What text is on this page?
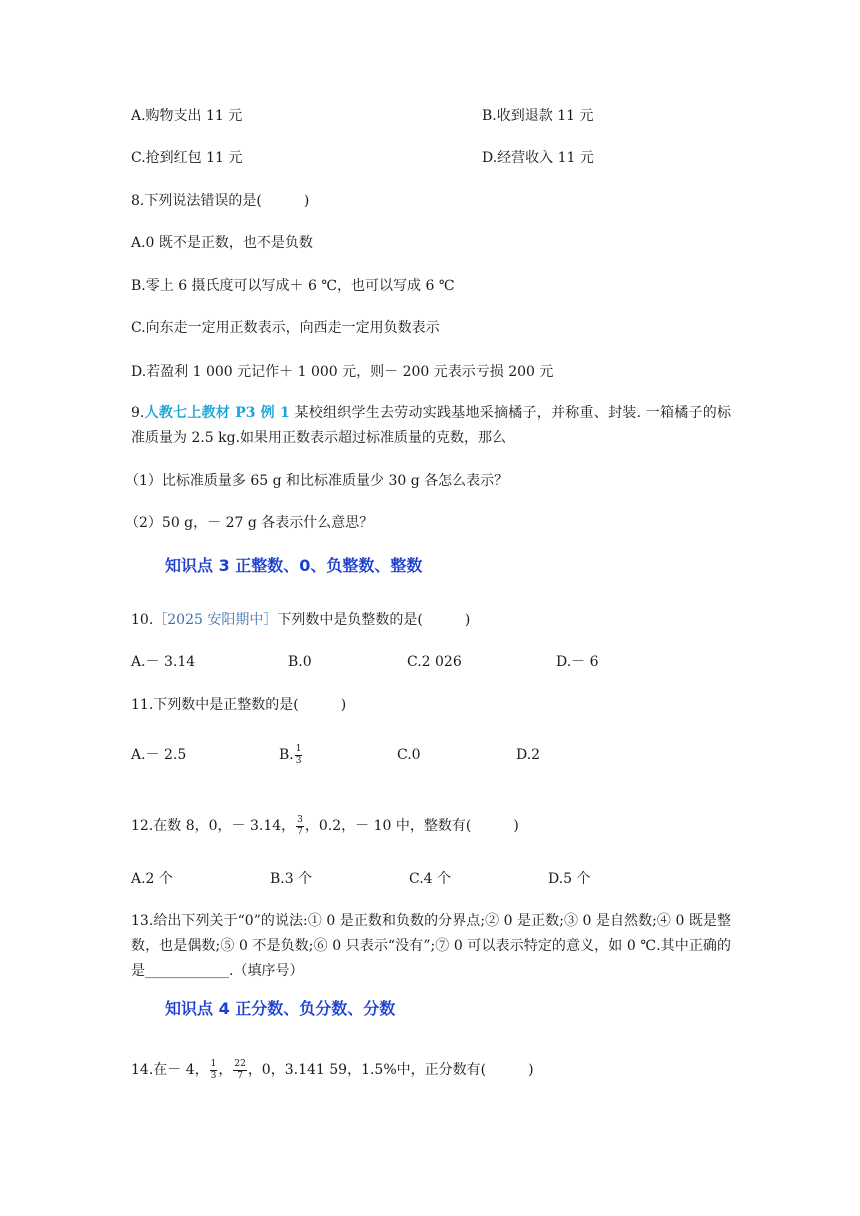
A.购物支出 11 元	B.收到退款 11 元
C.抢到红包 11 元	D.经营收入 11 元
8.下列说法错误的是(　　　)
A.0 既不是正数，也不是负数
B.零上 6 摄氏度可以写成＋ 6 ℃，也可以写成 6 ℃
C.向东走一定用正数表示，向西走一定用负数表示
D.若盈利 1 000 元记作＋ 1 000 元，则－ 200 元表示亏损 200 元
9.人教七上教材 P3 例 1 某校组织学生去劳动实践基地采摘橘子，并称重、封装. 一箱橘子的标准质量为 2.5 kg.如果用正数表示超过标准质量的克数，那么
（1）比标准质量多 65 g 和比标准质量少 30 g 各怎么表示？
（2）50 g，－ 27 g 各表示什么意思？
知识点 3 正整数、0、负整数、整数
10.［2025 安阳期中］下列数中是负整数的是(　　　)
A.－ 3.14	B.0	C.2 026	D.－ 6
11.下列数中是正整数的是(　　　)
A.－ 2.5	B. $\frac{1}{3}$	C.0	D.2
12.在数 8，0，－ 3.14， $\frac{3}{7}$ ，0.2，－ 10 中，整数有(　　　)
A.2 个	B.3 个	C.4 个	D.5 个
13.给出下列关于“0”的说法:① 0 是正数和负数的分界点;② 0 是正数;③ 0 是自然数;④ 0 既是整数，也是偶数;⑤ 0 不是负数;⑥ 0 只表示“没有”;⑦ 0 可以表示特定的意义，如 0 ℃.其中正确的是____________.（填序号）
知识点 4 正分数、负分数、分数
14.在－ 4， $\frac{1}{3}$ ， $\frac{22}{7}$ ，0，3.141 59，1.5%中，正分数有(　　　)
